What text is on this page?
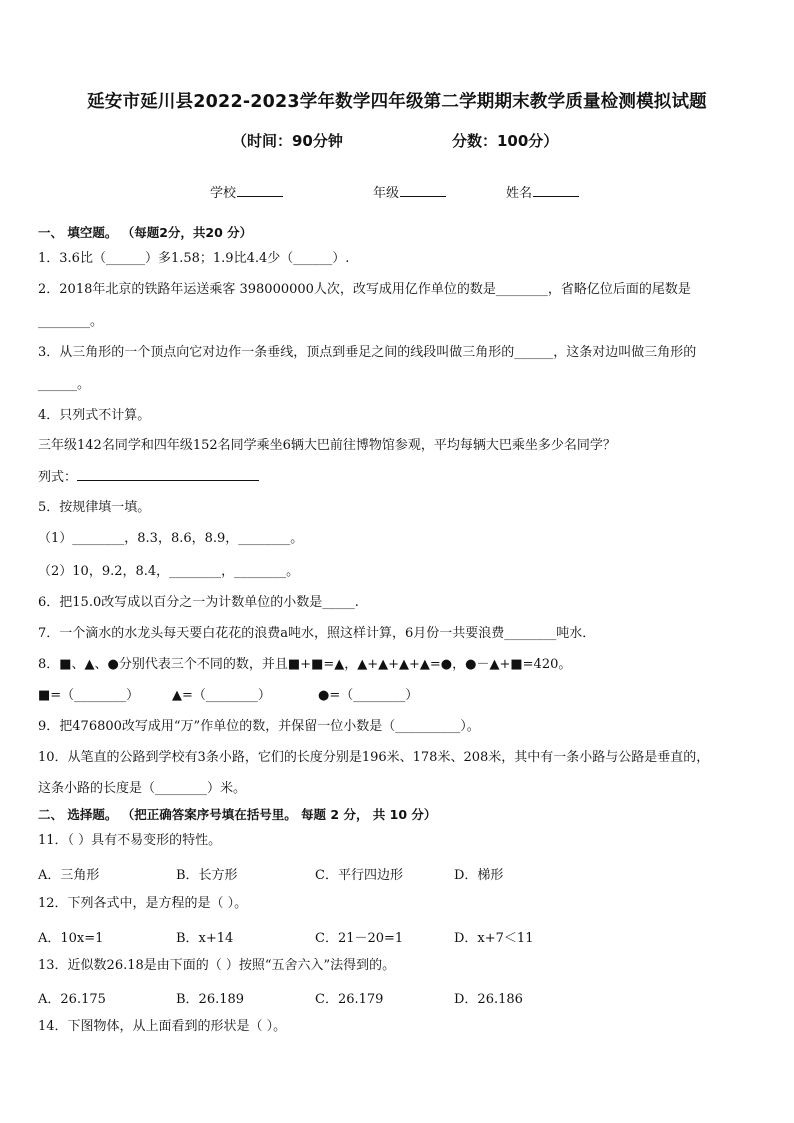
延安市延川县2022-2023学年数学四年级第二学期期末教学质量检测模拟试题
（时间：90分钟	分数：100分）
学校	年级	姓名
一、 填空题。 （每题2分，共20 分）
1．3.6比（______）多1.58；1.9比4.4少（______）.
2．2018年北京的铁路年运送乘客 398000000人次，改写成用亿作单位的数是________，省略亿位后面的尾数是
________。
3．从三角形的一个顶点向它对边作一条垂线，顶点到垂足之间的线段叫做三角形的______，这条对边叫做三角形的
______。
4．只列式不计算。
三年级142名同学和四年级152名同学乘坐6辆大巴前往博物馆参观，平均每辆大巴乘坐多少名同学？
列式：
5．按规律填一填。
（1）________，8.3，8.6，8.9，________。
（2）10，9.2，8.4，________，________。
6．把15.0改写成以百分之一为计数单位的小数是_____.
7．一个滴水的水龙头每天要白花花的浪费a吨水，照这样计算，6月份一共要浪费________吨水．
8．■、▲、●分别代表三个不同的数，并且■+■=▲，▲+▲+▲+▲=●，●－▲+■=420。
■=（________）	▲=（________）	●=（________）
9．把476800改写成用“万”作单位的数，并保留一位小数是（__________）。
10．从笔直的公路到学校有3条小路，它们的长度分别是196米、178米、208米，其中有一条小路与公路是垂直的，
这条小路的长度是（________）米。
二、 选择题。 （把正确答案序号填在括号里。 每题 2 分， 共 10 分）
11．（ ）具有不易变形的特性。
A．三角形	B．长方形	C．平行四边形	D．梯形
12．下列各式中，是方程的是（ ）。
A．10x=1	B．x+14	C．21－20=1	D．x+7＜11
13．近似数26.18是由下面的（ ）按照“五舍六入”法得到的。
A．26.175	B．26.189	C．26.179	D．26.186
14．下图物体，从上面看到的形状是（ ）。
